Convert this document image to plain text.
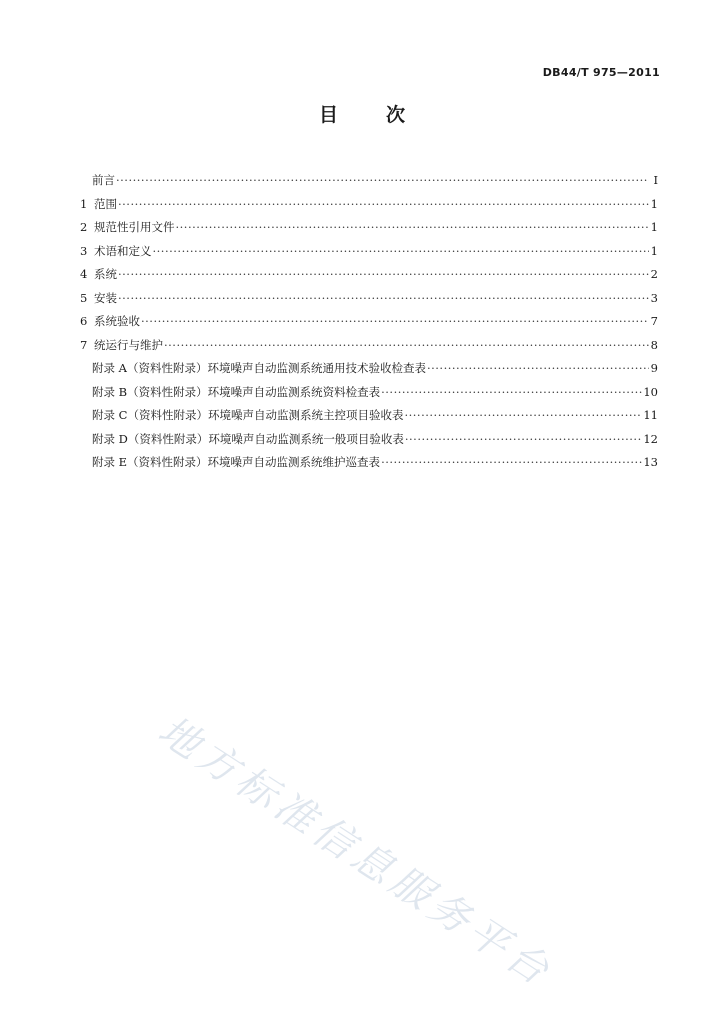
DB44/T 975—2011
目	次
前言 ·····	I
1 范围 ·····	1
2 规范性引用文件 ·····	1
3 术语和定义 ·····	1
4 系统 ·····	2
5 安装 ·····	3
6 系统验收 ·····	7
7 统运行与维护 ·····	8
附录 A（资料性附录）环境噪声自动监测系统通用技术验收检查表 ·····	9
附录 B（资料性附录）环境噪声自动监测系统资料检查表 ·····	10
附录 C（资料性附录）环境噪声自动监测系统主控项目验收表 ·····	11
附录 D（资料性附录）环境噪声自动监测系统一般项目验收表 ·····	12
附录 E（资料性附录）环境噪声自动监测系统维护巡查表 ·····	13
地方标准信息服务平台
